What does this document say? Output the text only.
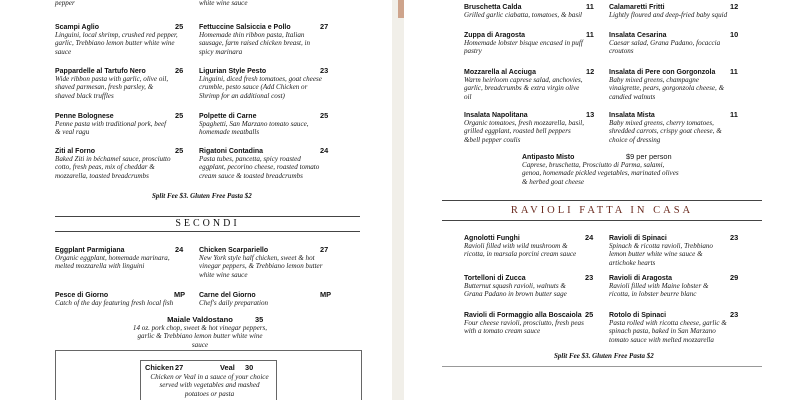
pepper	white wine sauce
Scampi Aglio
Linguini, local shrimp, crushed red pepper, garlic, Trebbiano lemon butter white wine sauce
25 Fettuccine Salsiccia e Pollo
Homemade thin ribbon pasta, Italian sausage, farm raised chicken breast, in spicy marinara
27
Pappardelle al Tartufo Nero
Wide ribbon pasta with garlic, olive oil, shaved parmesan, fresh parsley, & shaved black truffles
26 Ligurian Style Pesto
Linguini, diced fresh tomatoes, goat cheese crumble, pesto sauce (Add Chicken or Shrimp for an additional cost)
23
Penne Bolognese
Penne pasta with traditional pork, beef & veal ragu
25 Polpette di Carne
Spaghetti, San Marzano tomato sauce, homemade meatballs
25
Ziti al Forno
Baked Ziti in béchamel sauce, prosciutto cotto, fresh peas, mix of cheddar & mozzarella, toasted breadcrumbs
25 Rigatoni Contadina
Pasta tubes, pancetta, spicy roasted eggplant, pecorino cheese, roasted tomato cream sauce & toasted breadcrumbs
24
Split Fee $3. Gluten Free Pasta $2
SECONDI
Eggplant Parmigiana
Organic eggplant, homemade marinara, melted mozzarella with linguini
24 Chicken Scarpariello
New York style half chicken, sweet & hot vinegar peppers, & Trebbiano lemon butter white wine sauce
27
Pesce di Giorno
Catch of the day featuring fresh local fish
MP Carne del Giorno
Chef's daily preparation
MP
Maiale Valdostano
14 oz. pork chop, sweet & hot vinegar peppers, garlic & Trebbiano lemon butter white wine sauce
35
Chicken 27	Veal 30
Chicken or Veal in a sauce of your choice served with vegetables and mashed potatoes or pasta
Bruschetta Calda
Grilled garlic ciabatta, tomatoes, & basil
11 Calamaretti Fritti
Lightly floured and deep-fried baby squid
12
Zuppa di Aragosta
Homemade lobster bisque encased in puff pastry
11 Insalata Cesarina
Caesar salad, Grana Padano, focaccia croutons
10
Mozzarella al Acciuga
Warm heirloom caprese salad, anchovies, garlic, breadcrumbs & extra virgin olive oil
12 Insalata di Pere con Gorgonzola
Baby mixed greens, champagne vinaigrette, pears, gorgonzola cheese, & candied walnuts
11
Insalata Napolitana
Organic tomatoes, fresh mozzarella, basil, grilled eggplant, roasted bell peppers &bell pepper coulis
13 Insalata Mista
Baby mixed greens, cherry tomatoes, shredded carrots, crispy goat cheese, & choice of dressing
11
Antipasto Misto
Caprese, bruschetta, Prosciutto di Parma, salami, genoa, homemade pickled vegetables, marinated olives & herbed goat cheese
$9 per person
RAVIOLI FATTA IN CASA
Agnolotti Funghi
Ravioli filled with wild mushroom & ricotta, in marsala porcini cream sauce
24 Ravioli di Spinaci
Spinach & ricotta ravioli, Trebbiano lemon butter white wine sauce & artichoke hearts
23
Tortelloni di Zucca
Butternut squash ravioli, walnuts & Grana Padano in brown butter sage
23 Ravioli di Aragosta
Ravioli filled with Maine lobster & ricotta, in lobster beurre blanc
29
Ravioli di Formaggio alla Boscaiola
Four cheese ravioli, prosciutto, fresh peas with a tomato cream sauce
25 Rotolo di Spinaci
Pasta rolled with ricotta cheese, garlic & spinach pasta, baked in San Marzano tomato sauce with melted mozzarella
23
Split Fee $3. Gluten Free Pasta $2
